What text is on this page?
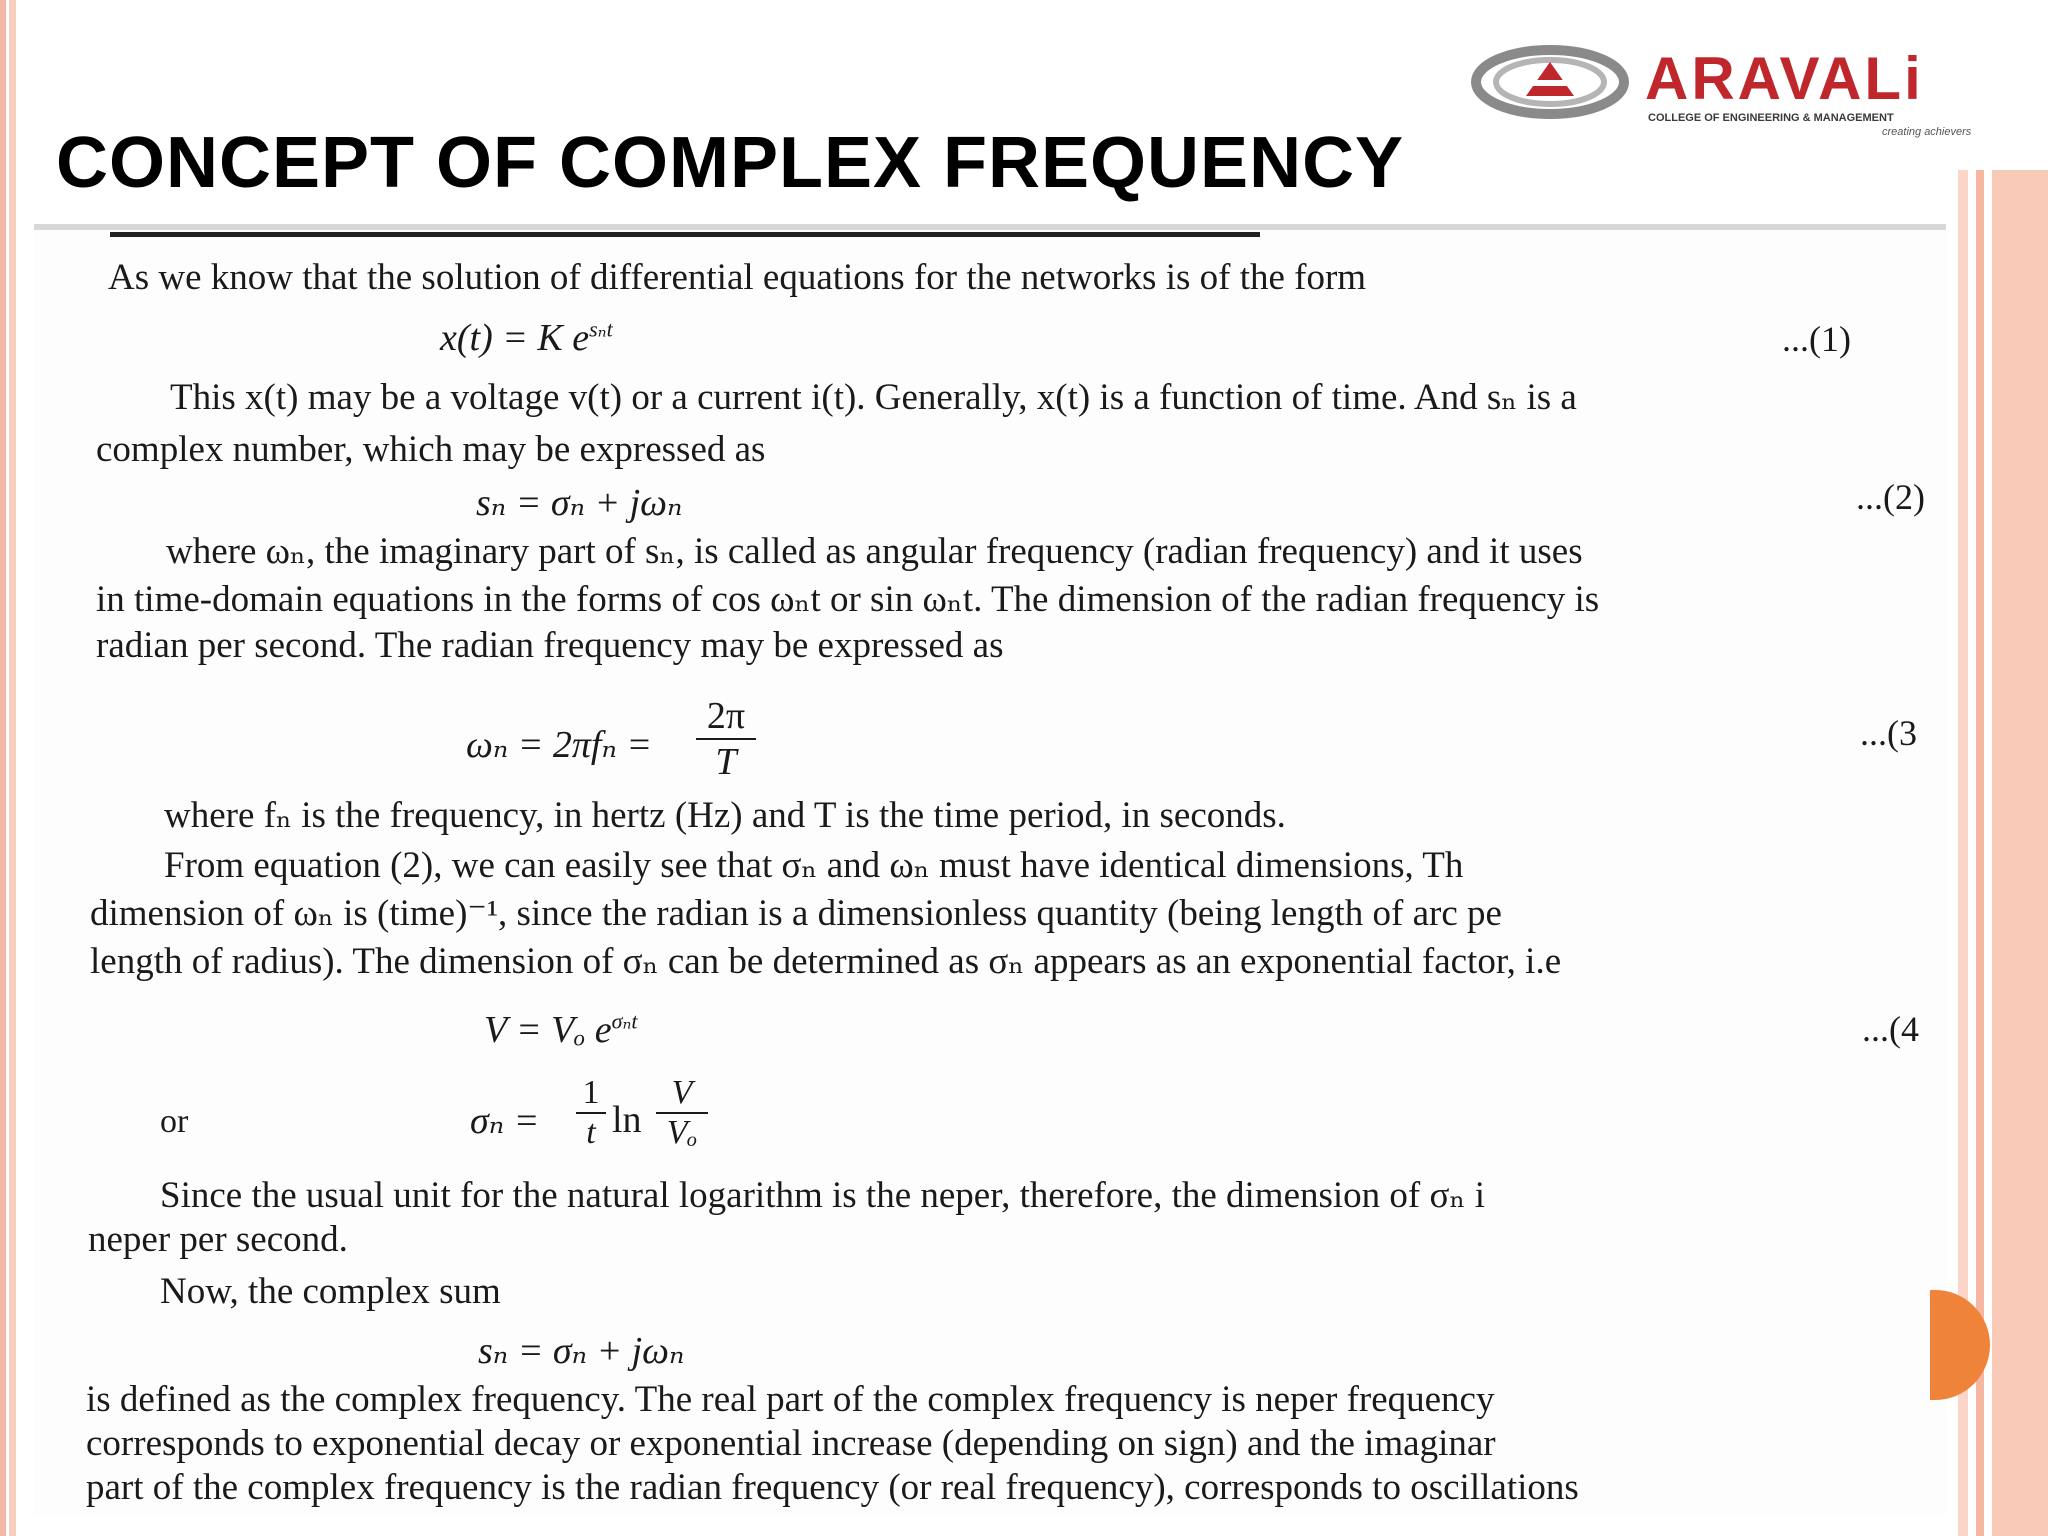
ARAVALi
COLLEGE OF ENGINEERING & MANAGEMENT
creating achievers
CONCEPT OF COMPLEX FREQUENCY
As we know that the solution of differential equations for the networks is of the form
x(t) = K $e^{s_nt}$	...(1)
This x(t) may be a voltage v(t) or a current i(t). Generally, x(t) is a function of time. And sₙ is a
complex number, which may be expressed as
sₙ = σₙ + jωₙ	...(2)
where ωₙ, the imaginary part of sₙ, is called as angular frequency (radian frequency) and it uses
in time-domain equations in the forms of cos ωₙt or sin ωₙt. The dimension of the radian frequency is
radian per second. The radian frequency may be expressed as
$\omega_n = 2\pi f_n = \frac{2\pi}{T}$	...(3
where fₙ is the frequency, in hertz (Hz) and T is the time period, in seconds.
From equation (2), we can easily see that σₙ and ωₙ must have identical dimensions, Th
dimension of ωₙ is (time)⁻¹, since the radian is a dimensionless quantity (being length of arc pe
length of radius). The dimension of σₙ can be determined as σₙ appears as an exponential factor, i.e
V = Vₒ $e^{\sigma_nt}$	...(4
or	$\sigma_n = \frac{1}{t}$ $\ln \frac{V}{\text{Vₒ}}$
Since the usual unit for the natural logarithm is the neper, therefore, the dimension of σₙ i
neper per second.
Now, the complex sum
sₙ = σₙ + jωₙ
is defined as the complex frequency. The real part of the complex frequency is neper frequency
corresponds to exponential decay or exponential increase (depending on sign) and the imaginar
part of the complex frequency is the radian frequency (or real frequency), corresponds to oscillations
